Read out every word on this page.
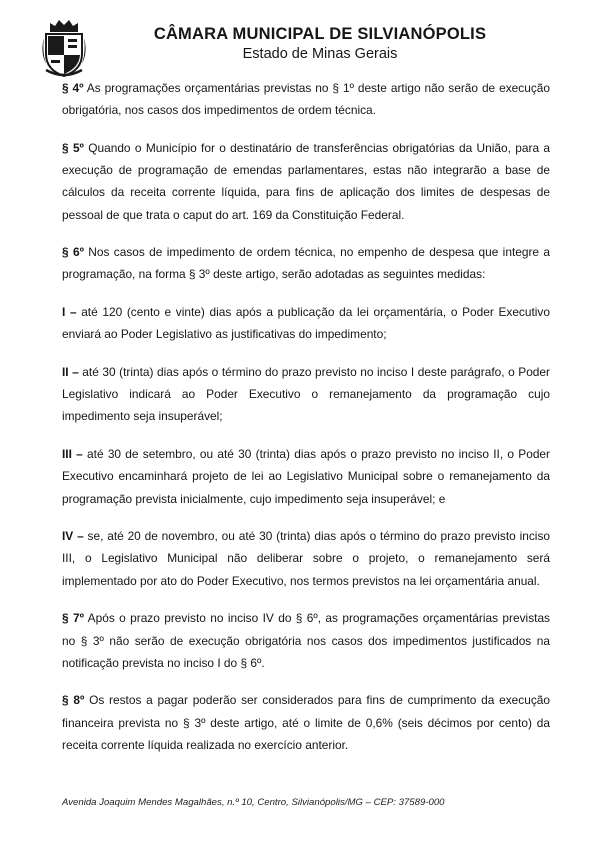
CÂMARA MUNICIPAL DE SILVIANÓPOLIS
Estado de Minas Gerais

§ 4º As programações orçamentárias previstas no § 1º deste artigo não serão de execução obrigatória, nos casos dos impedimentos de ordem técnica.

§ 5º Quando o Município for o destinatário de transferências obrigatórias da União, para a execução de programação de emendas parlamentares, estas não integrarão a base de cálculos da receita corrente líquida, para fins de aplicação dos limites de despesas de pessoal de que trata o caput do art. 169 da Constituição Federal.

§ 6º Nos casos de impedimento de ordem técnica, no empenho de despesa que integre a programação, na forma § 3º deste artigo, serão adotadas as seguintes medidas:

I – até 120 (cento e vinte) dias após a publicação da lei orçamentária, o Poder Executivo enviará ao Poder Legislativo as justificativas do impedimento;

II – até 30 (trinta) dias após o término do prazo previsto no inciso I deste parágrafo, o Poder Legislativo indicará ao Poder Executivo o remanejamento da programação cujo impedimento seja insuperável;

III – até 30 de setembro, ou até 30 (trinta) dias após o prazo previsto no inciso II, o Poder Executivo encaminhará projeto de lei ao Legislativo Municipal sobre o remanejamento da programação prevista inicialmente, cujo impedimento seja insuperável; e

IV – se, até 20 de novembro, ou até 30 (trinta) dias após o término do prazo previsto inciso III, o Legislativo Municipal não deliberar sobre o projeto, o remanejamento será implementado por ato do Poder Executivo, nos termos previstos na lei orçamentária anual.

§ 7º Após o prazo previsto no inciso IV do § 6º, as programações orçamentárias previstas no § 3º não serão de execução obrigatória nos casos dos impedimentos justificados na notificação prevista no inciso I do § 6º.

§ 8º Os restos a pagar poderão ser considerados para fins de cumprimento da execução financeira prevista no § 3º deste artigo, até o limite de 0,6% (seis décimos por cento) da receita corrente líquida realizada no exercício anterior.

Avenida Joaquim Mendes Magalhães, n.º 10, Centro, Silvianópolis/MG – CEP: 37589-000
